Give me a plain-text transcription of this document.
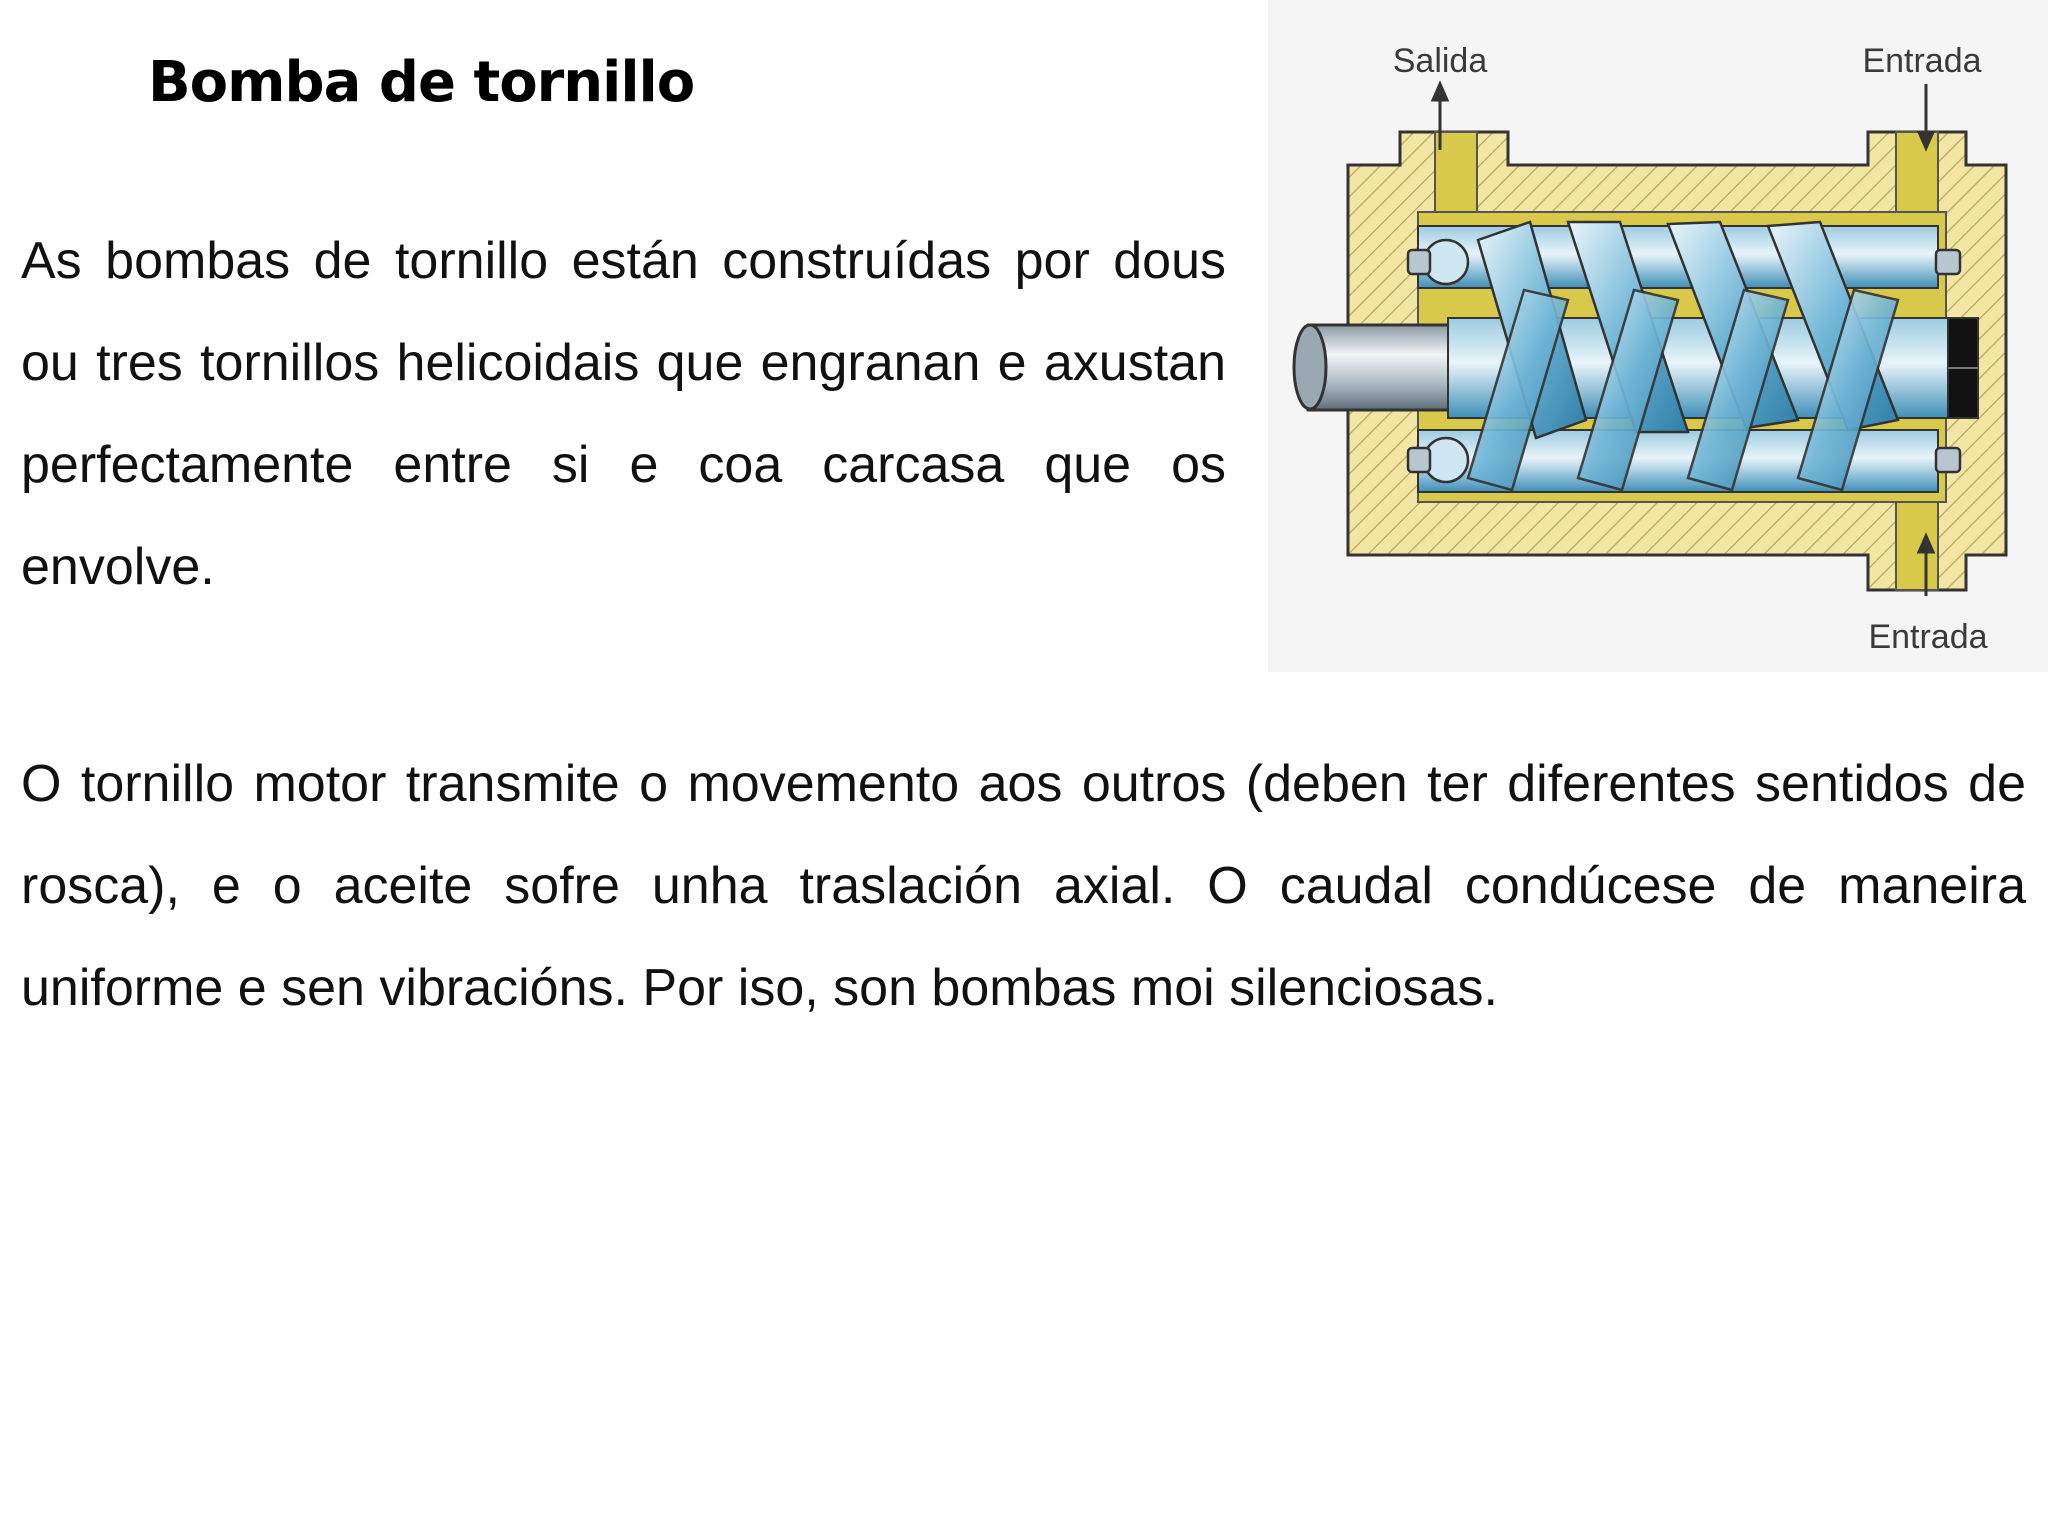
Bomba de tornillo

As bombas de tornillo están construídas por dous ou tres tornillos helicoidais que engranan e axustan perfectamente entre si e coa carcasa que os envolve.

Salida	Entrada
Entrada

O tornillo motor transmite o movemento aos outros (deben ter diferentes sentidos de rosca), e o aceite sofre unha traslación axial. O caudal condúcese de maneira uniforme e sen vibracións. Por iso, son bombas moi silenciosas.
